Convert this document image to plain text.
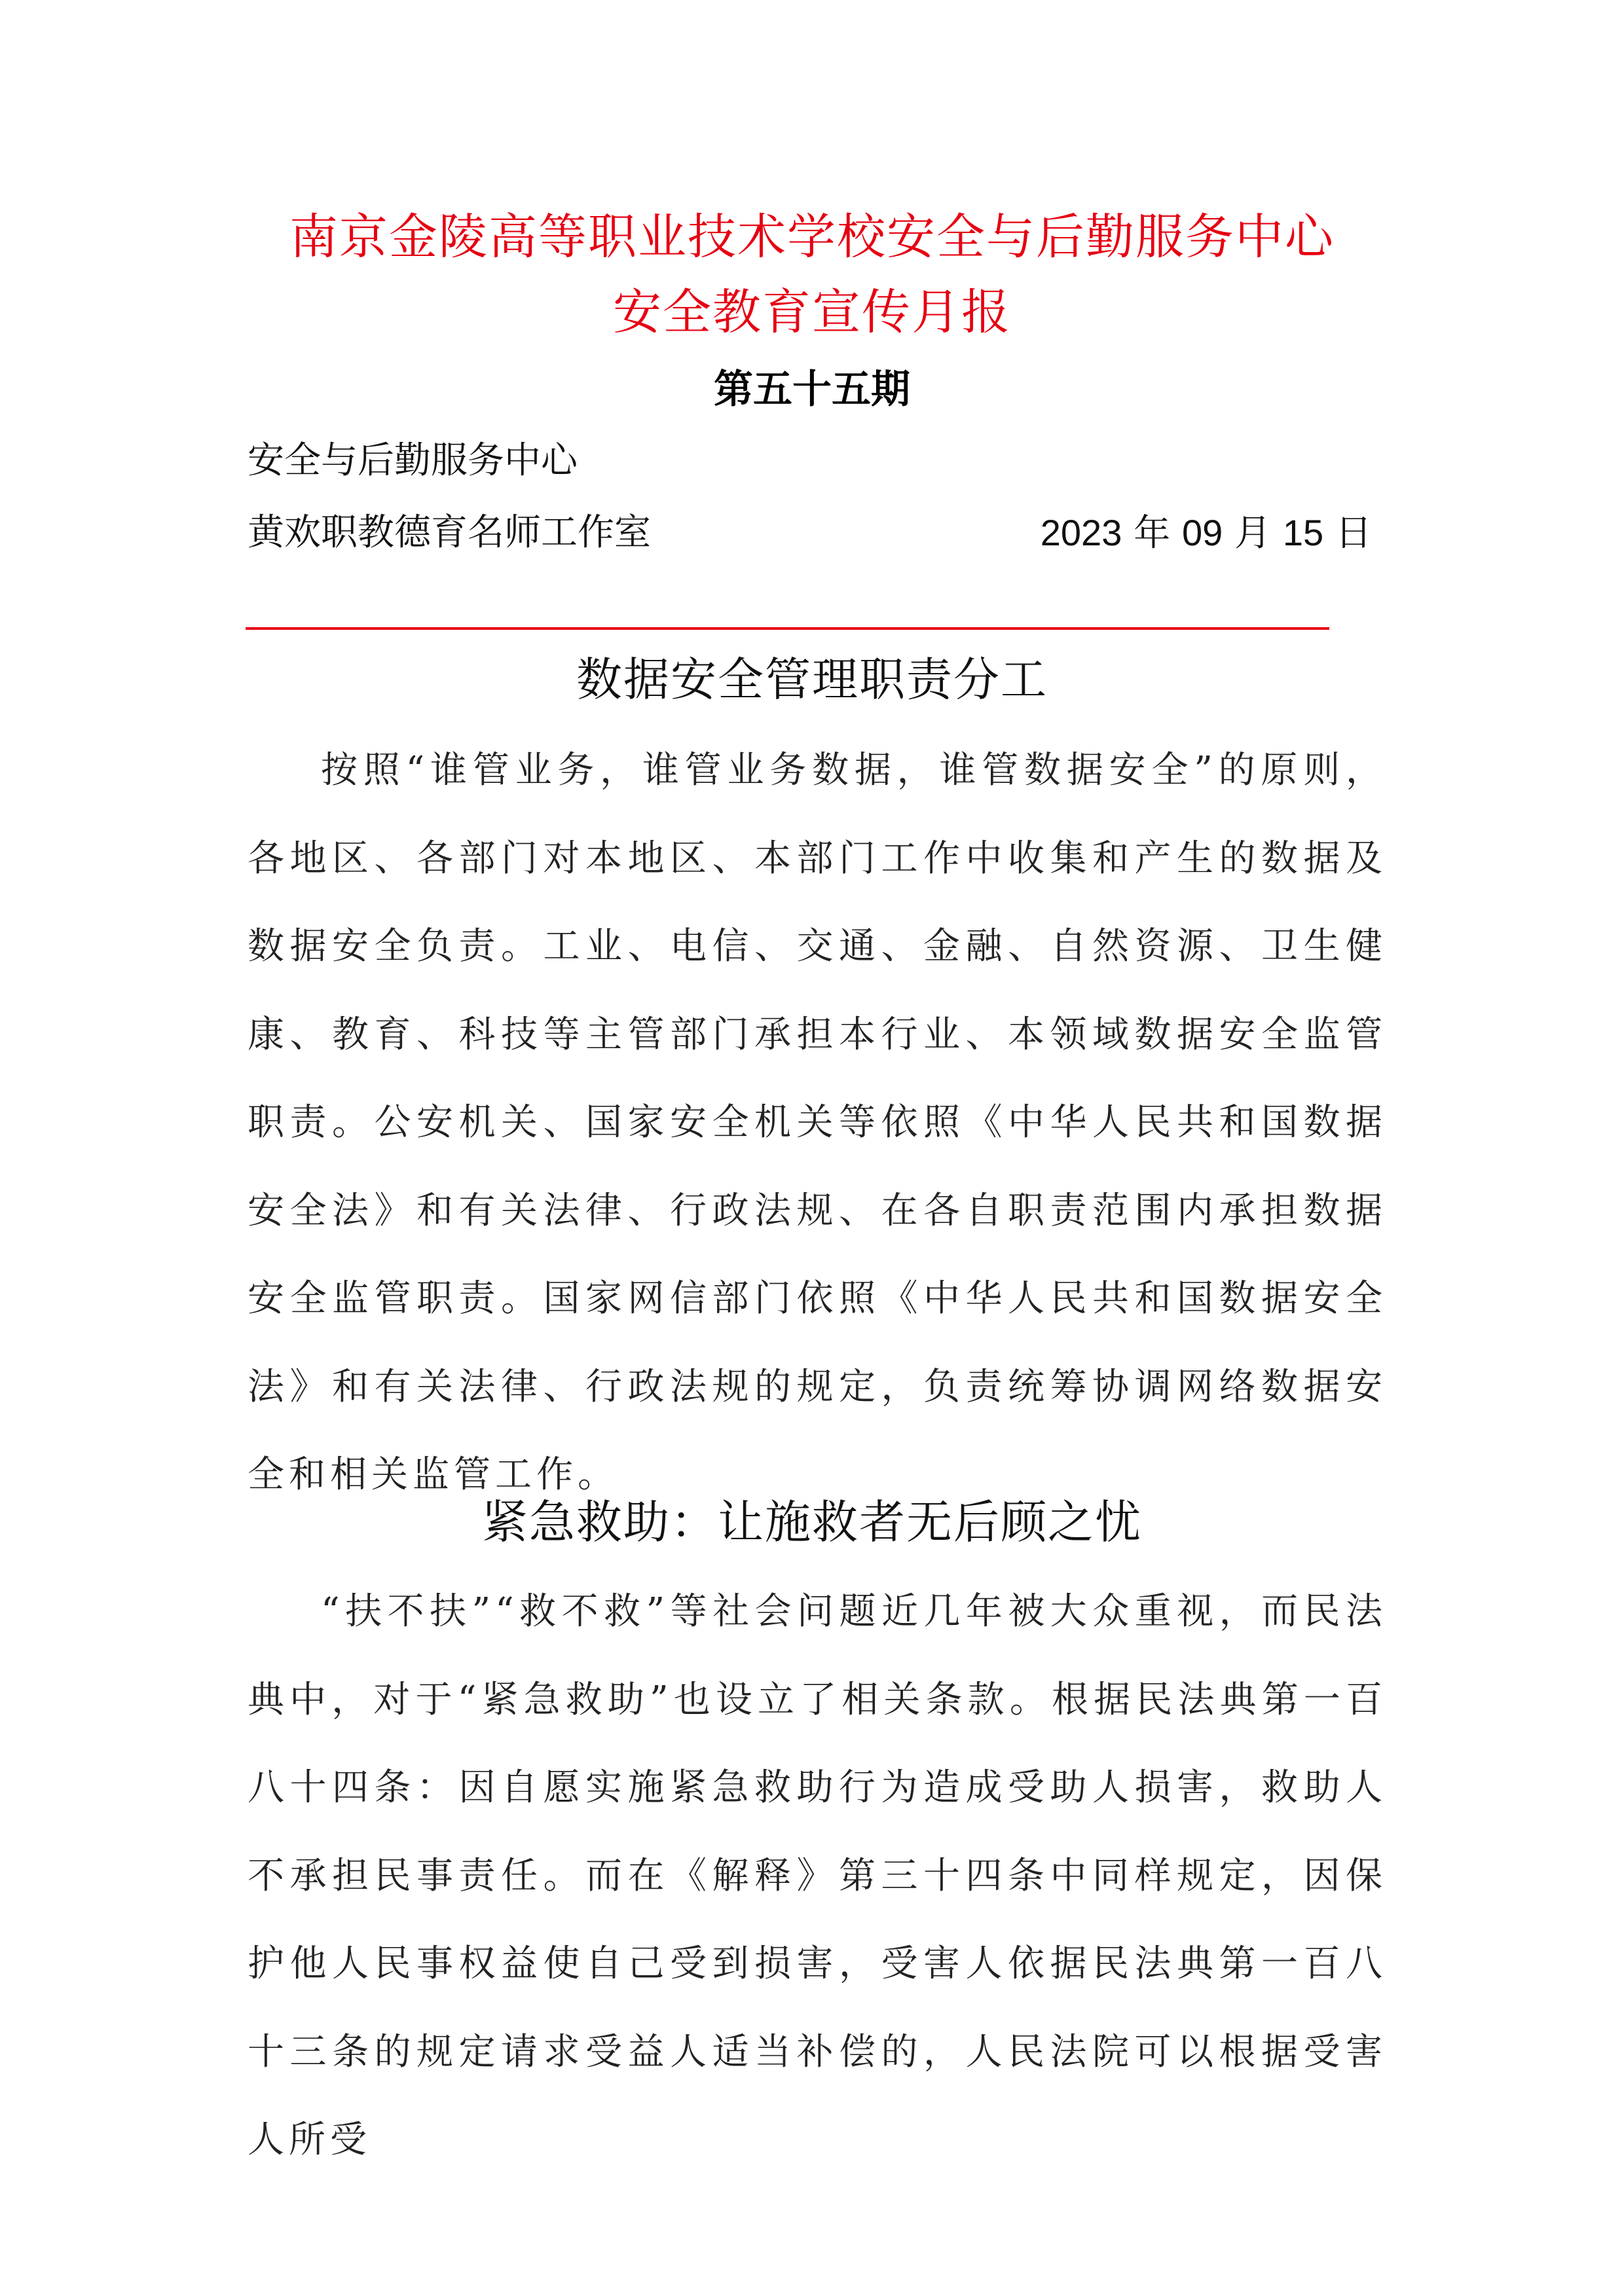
南京金陵高等职业技术学校安全与后勤服务中心
安全教育宣传月报
第五十五期
安全与后勤服务中心
黄欢职教德育名师工作室	2023 年 09 月 15 日
数据安全管理职责分工

按照“谁管业务，谁管业务数据，谁管数据安全”的原则，各地区、各部门对本地区、本部门工作中收集和产生的数据及数据安全负责。工业、电信、交通、金融、自然资源、卫生健康、教育、科技等主管部门承担本行业、本领域数据安全监管职责。公安机关、国家安全机关等依照《中华人民共和国数据安全法》和有关法律、行政法规、在各自职责范围内承担数据安全监管职责。国家网信部门依照《中华人民共和国数据安全法》和有关法律、行政法规的规定，负责统筹协调网络数据安全和相关监管工作。

紧急救助：让施救者无后顾之忧

“扶不扶”“救不救”等社会问题近几年被大众重视，而民法典中，对于“紧急救助”也设立了相关条款。根据民法典第一百八十四条：因自愿实施紧急救助行为造成受助人损害，救助人不承担民事责任。而在《解释》第三十四条中同样规定，因保护他人民事权益使自己受到损害，受害人依据民法典第一百八十三条的规定请求受益人适当补偿的，人民法院可以根据受害人所受
